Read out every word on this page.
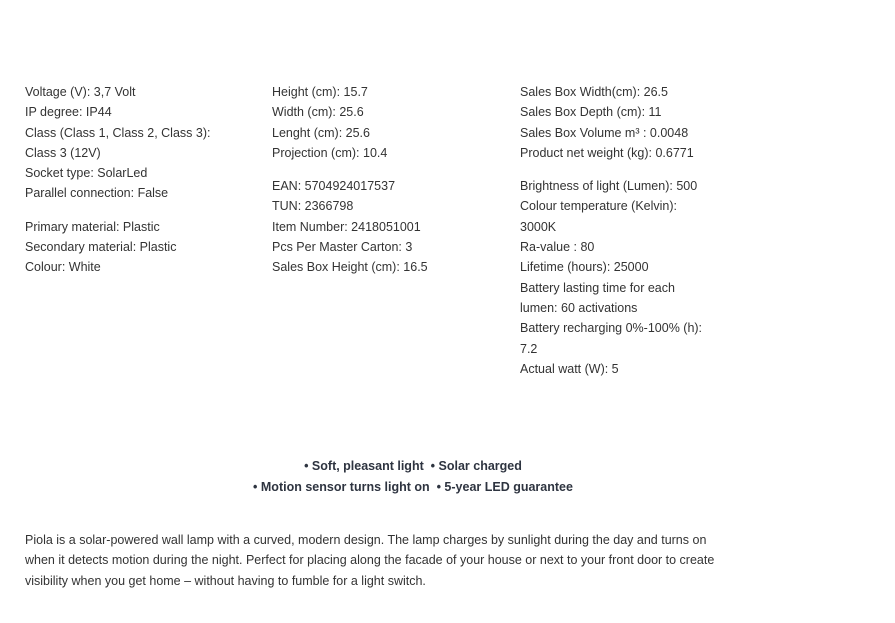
Voltage (V): 3,7 Volt
IP degree: IP44
Class (Class 1, Class 2, Class 3):
Class 3 (12V)
Socket type: SolarLed
Parallel connection: False
Primary material: Plastic
Secondary material: Plastic
Colour: White
Height (cm): 15.7
Width (cm): 25.6
Lenght (cm): 25.6
Projection (cm): 10.4
EAN: 5704924017537
TUN: 2366798
Item Number: 2418051001
Pcs Per Master Carton: 3
Sales Box Height (cm): 16.5
Sales Box Width(cm): 26.5
Sales Box Depth (cm): 11
Sales Box Volume m³ : 0.0048
Product net weight (kg): 0.6771
Brightness of light (Lumen): 500
Colour temperature (Kelvin):
3000K
Ra-value : 80
Lifetime (hours): 25000
Battery lasting time for each
lumen: 60 activations
Battery recharging 0%-100% (h):
7.2
Actual watt (W): 5
• Soft, pleasant light  • Solar charged
• Motion sensor turns light on  • 5-year LED guarantee
Piola is a solar-powered wall lamp with a curved, modern design. The lamp charges by sunlight during the day and turns on
when it detects motion during the night. Perfect for placing along the facade of your house or next to your front door to create
visibility when you get home – without having to fumble for a light switch.
